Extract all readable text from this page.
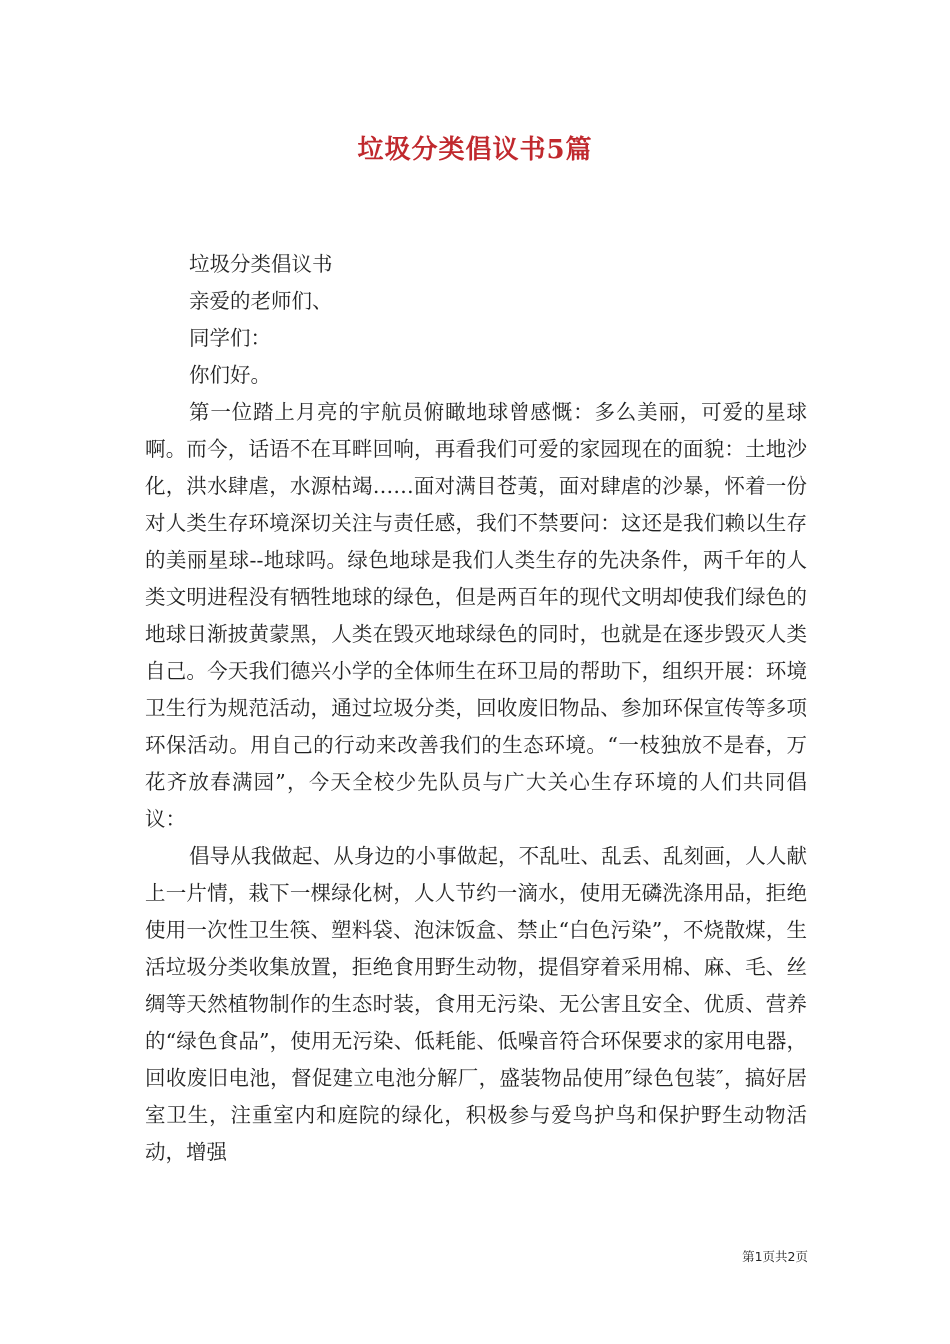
垃圾分类倡议书5篇
垃圾分类倡议书
亲爱的老师们、
同学们：
你们好。

第一位踏上月亮的宇航员俯瞰地球曾感慨：多么美丽，可爱的星球啊。而今，话语不在耳畔回响，再看我们可爱的家园现在的面貌：土地沙化，洪水肆虐，水源枯竭……面对满目苍荑，面对肆虐的沙暴，怀着一份对人类生存环境深切关注与责任感，我们不禁要问：这还是我们赖以生存的美丽星球--地球吗。绿色地球是我们人类生存的先决条件，两千年的人类文明进程没有牺牲地球的绿色，但是两百年的现代文明却使我们绿色的地球日渐披黄蒙黑，人类在毁灭地球绿色的同时，也就是在逐步毁灭人类自己。今天我们德兴小学的全体师生在环卫局的帮助下，组织开展：环境卫生行为规范活动，通过垃圾分类，回收废旧物品、参加环保宣传等多项环保活动。用自己的行动来改善我们的生态环境。“一枝独放不是春，万花齐放春满园”，今天全校少先队员与广大关心生存环境的人们共同倡议：

倡导从我做起、从身边的小事做起，不乱吐、乱丢、乱刻画，人人献上一片情，栽下一棵绿化树，人人节约一滴水，使用无磷洗涤用品，拒绝使用一次性卫生筷、塑料袋、泡沫饭盒、禁止“白色污染”，不烧散煤，生活垃圾分类收集放置，拒绝食用野生动物，提倡穿着采用棉、麻、毛、丝绸等天然植物制作的生态时装，食用无污染、无公害且安全、优质、营养的“绿色食品”，使用无污染、低耗能、低噪音符合环保要求的家用电器，回收废旧电池，督促建立电池分解厂，盛装物品使用″绿色包装″，搞好居室卫生，注重室内和庭院的绿化，积极参与爱鸟护鸟和保护野生动物活动，增强

第1页共2页
